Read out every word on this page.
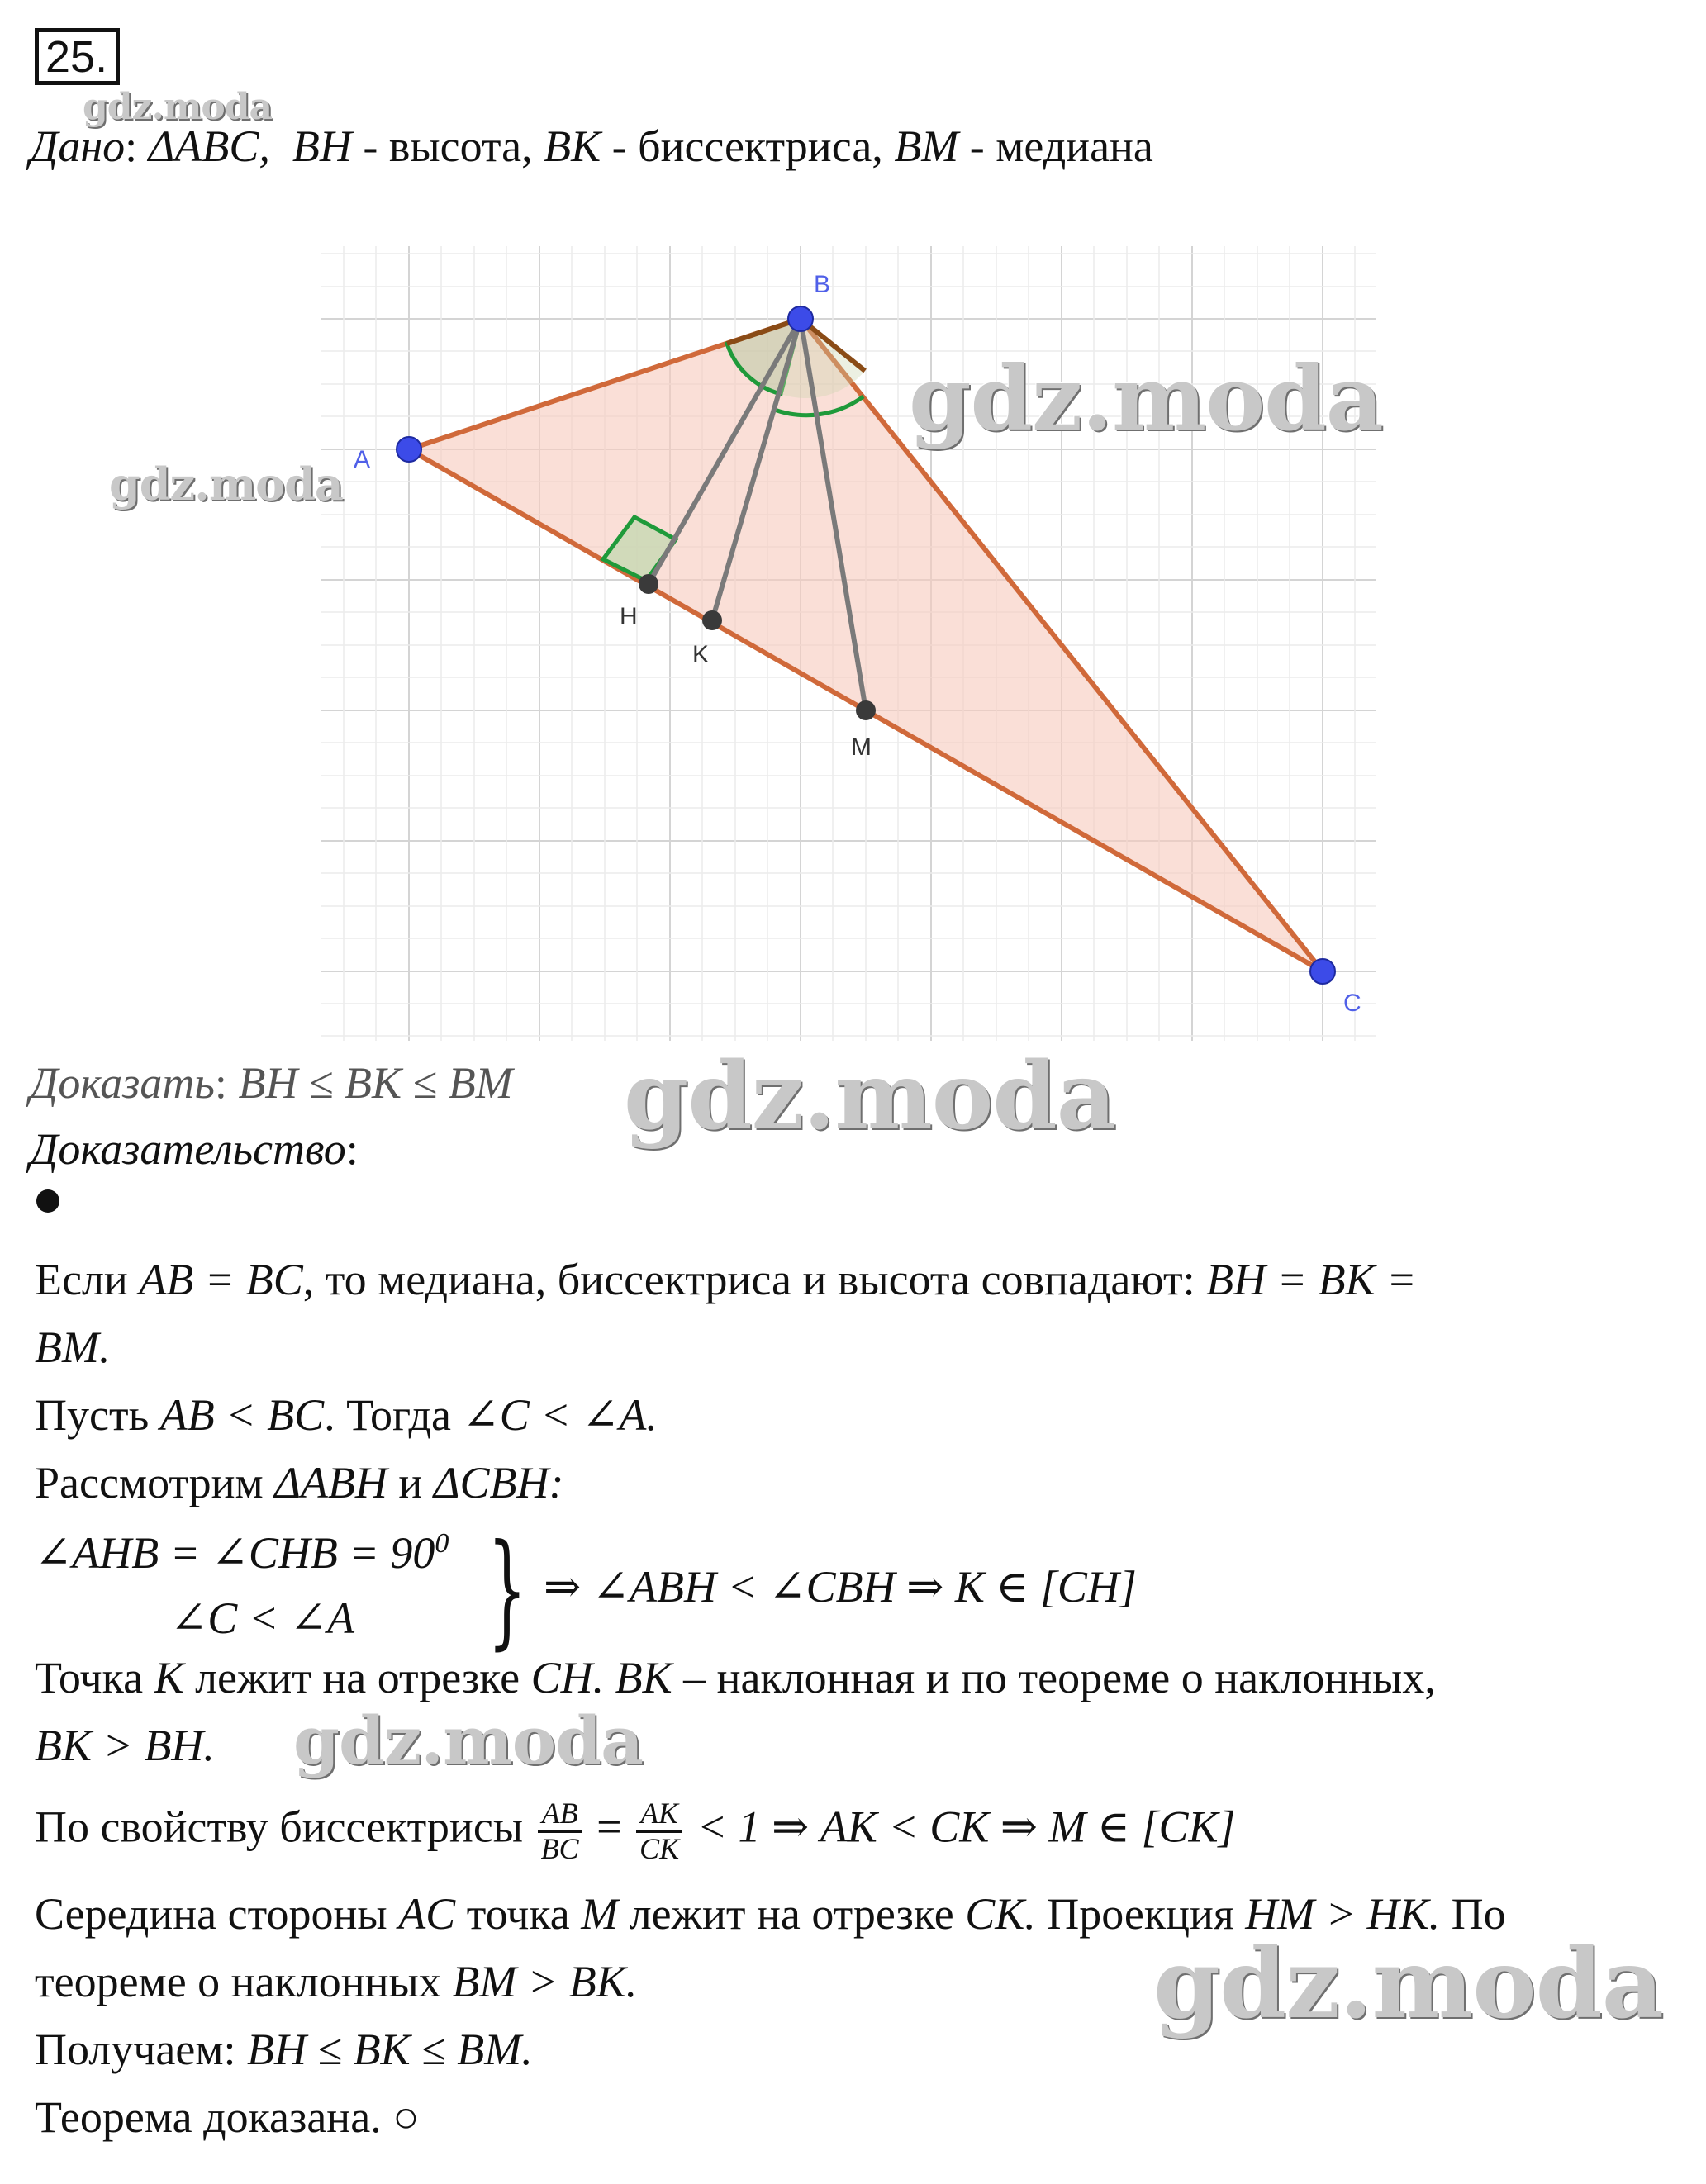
25.
gdz.moda
Дано: ΔABC, BH - высота, BK - биссектриса, BM - медиана
A
B
C
H
K
M
gdz.moda
gdz.moda
Доказать: BH ≤ BK ≤ BM gdz.moda
Доказательство:
Если AB = BC, то медиана, биссектриса и высота совпадают: BH = BK =
BM.
Пусть AB < BC. Тогда ∠C < ∠A.
Рассмотрим ΔABH и ΔCBH:
∠AHB = ∠CHB = $90^0$
∠C < ∠A } ⇒ ∠ABH < ∠CBH ⇒ K ∈ [CH]
Точка K лежит на отрезке CH. BK – наклонная и по теореме о наклонных,
BK > BH. gdz.moda
По свойству биссектрисы $\frac{AB}{BC} = \frac{AK}{CK} < 1$ ⇒ AK < CK ⇒ M ∈ [CK]
Середина стороны AC точка M лежит на отрезке CK. Проекция HM > HK. По
теореме о наклонных BM > BK.	gdz.moda
Получаем: BH ≤ BK ≤ BM.
Теорема доказана. ○
